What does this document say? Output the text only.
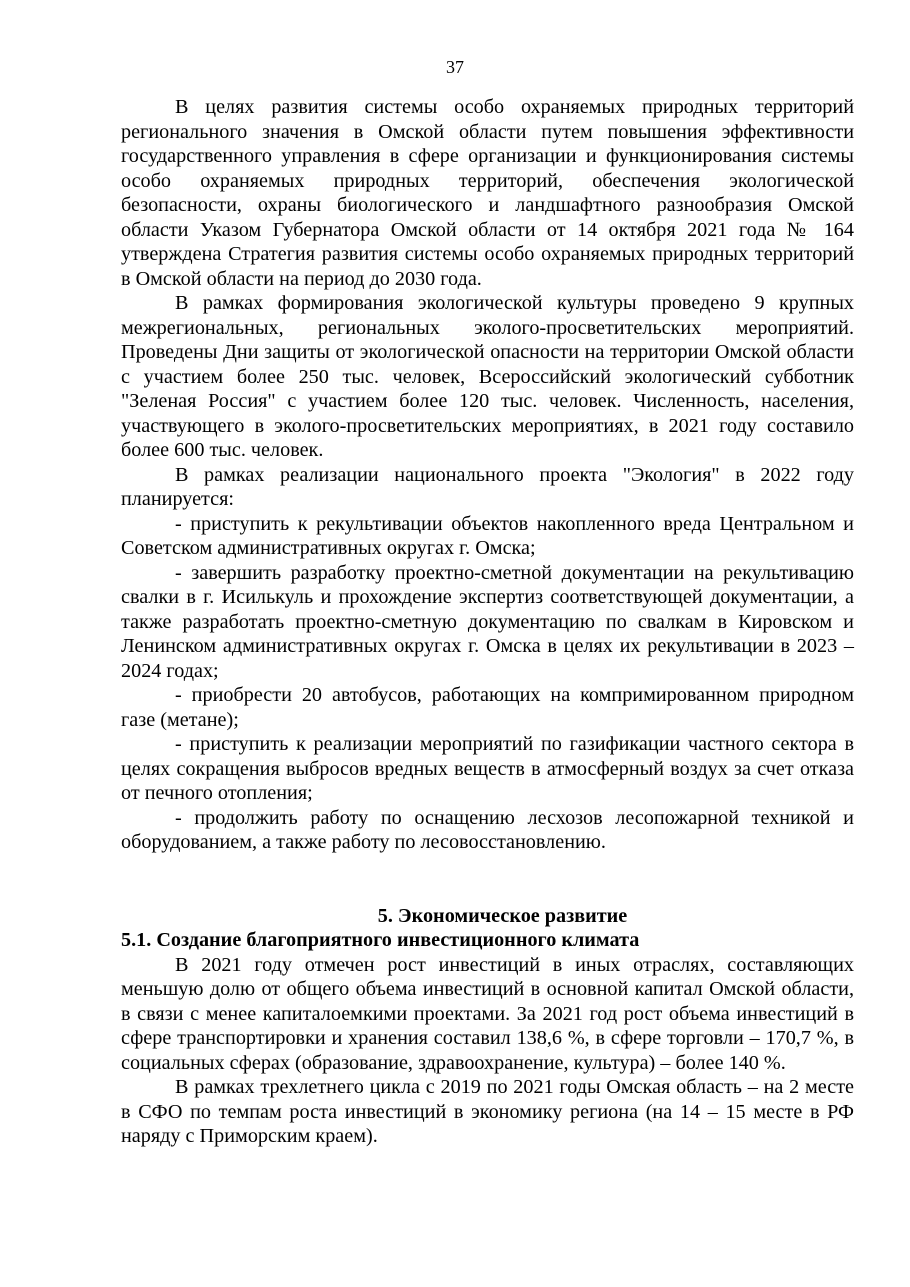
37

В целях развития системы особо охраняемых природных территорий регионального значения в Омской области путем повышения эффективности государственного управления в сфере организации и функционирования системы особо охраняемых природных территорий, обеспечения экологической безопасности, охраны биологического и ландшафтного разнообразия Омской области Указом Губернатора Омской области от 14 октября 2021 года № 164 утверждена Стратегия развития системы особо охраняемых природных территорий в Омской области на период до 2030 года.

В рамках формирования экологической культуры проведено 9 крупных межрегиональных, региональных эколого-просветительских мероприятий. Проведены Дни защиты от экологической опасности на территории Омской области с участием более 250 тыс. человек, Всероссийский экологический субботник "Зеленая Россия" с участием более 120 тыс. человек. Численность, населения, участвующего в эколого-просветительских мероприятиях, в 2021 году составило более 600 тыс. человек.

В рамках реализации национального проекта "Экология" в 2022 году планируется:

- приступить к рекультивации объектов накопленного вреда Центральном и Советском административных округах г. Омска;

- завершить разработку проектно-сметной документации на рекультивацию свалки в г. Исилькуль и прохождение экспертиз соответствующей документации, а также разработать проектно-сметную документацию по свалкам в Кировском и Ленинском административных округах г. Омска в целях их рекультивации в 2023 – 2024 годах;

- приобрести 20 автобусов, работающих на компримированном природном газе (метане);

- приступить к реализации мероприятий по газификации частного сектора в целях сокращения выбросов вредных веществ в атмосферный воздух за счет отказа от печного отопления;

- продолжить работу по оснащению лесхозов лесопожарной техникой и оборудованием, а также работу по лесовосстановлению.

5. Экономическое развитие
5.1. Создание благоприятного инвестиционного климата

В 2021 году отмечен рост инвестиций в иных отраслях, составляющих меньшую долю от общего объема инвестиций в основной капитал Омской области, в связи с менее капиталоемкими проектами. За 2021 год рост объема инвестиций в сфере транспортировки и хранения составил 138,6 %, в сфере торговли – 170,7 %, в социальных сферах (образование, здравоохранение, культура) – более 140 %.

В рамках трехлетнего цикла с 2019 по 2021 годы Омская область – на 2 месте в СФО по темпам роста инвестиций в экономику региона (на 14 – 15 месте в РФ наряду с Приморским краем).
